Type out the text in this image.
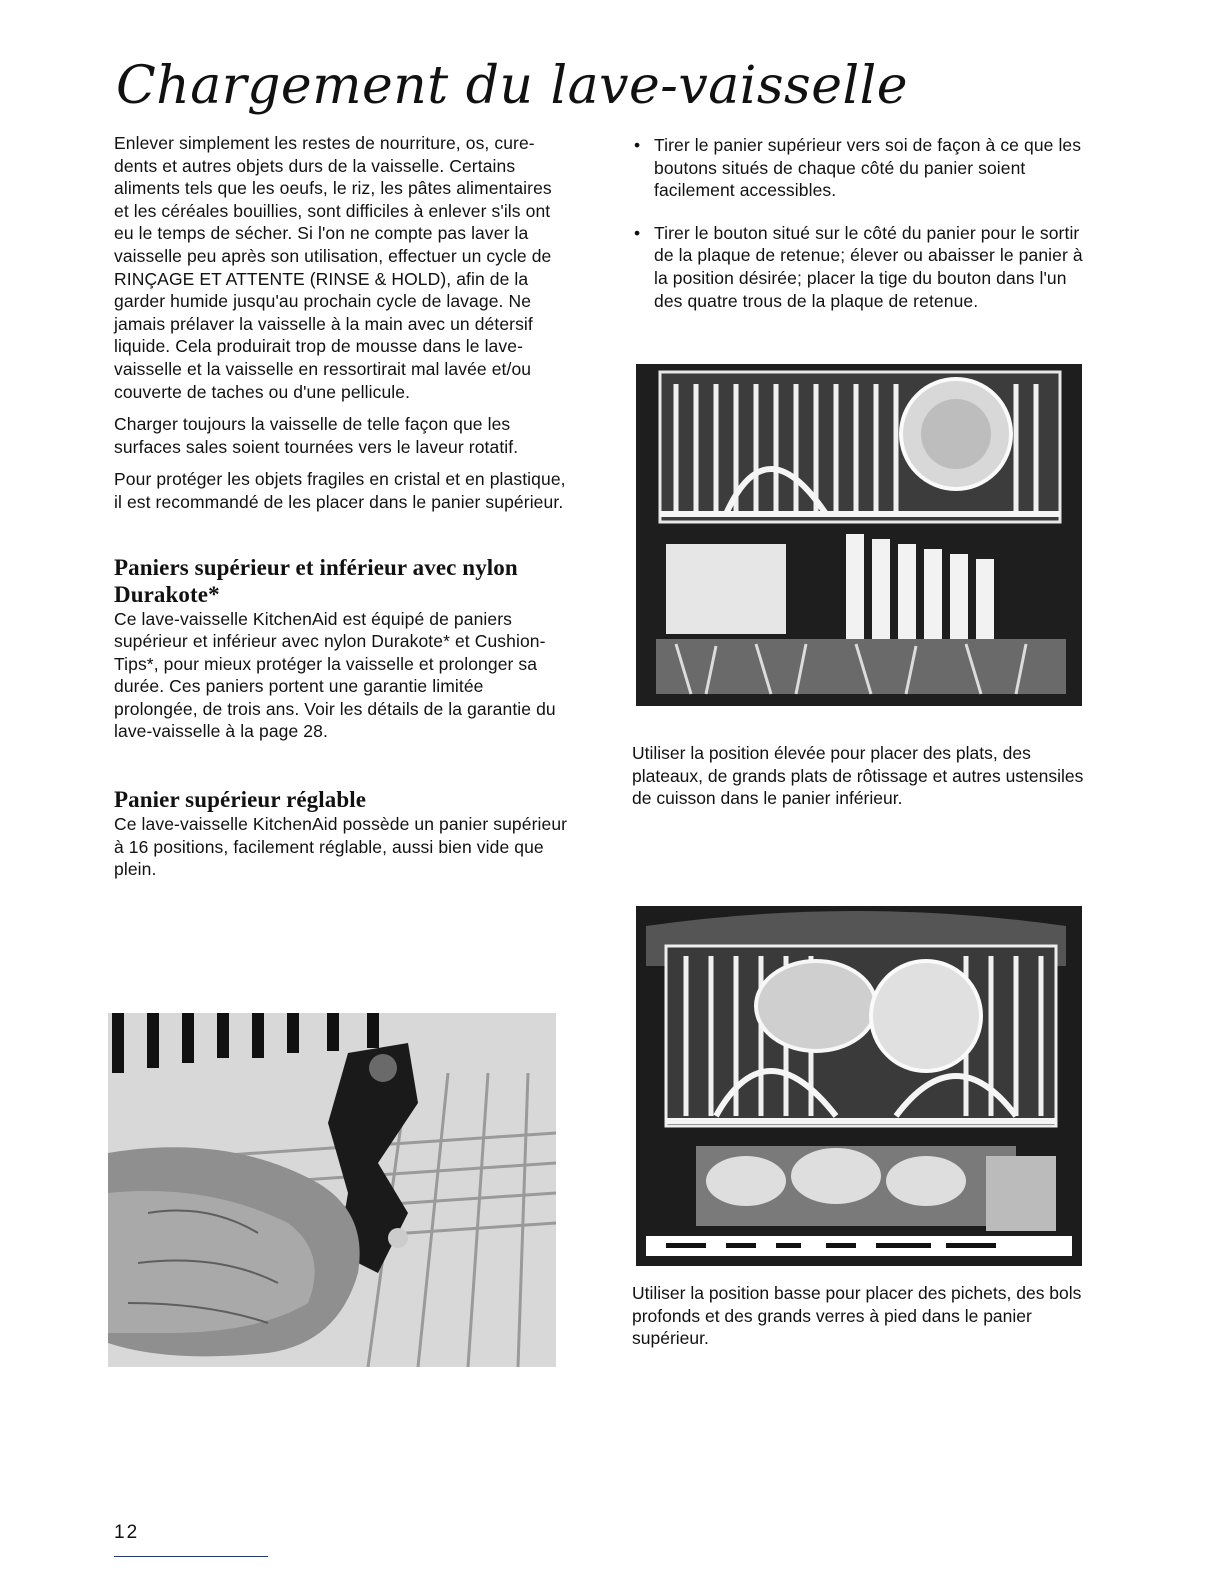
Chargement du lave-vaisselle

Enlever simplement les restes de nourriture, os, cure-dents et autres objets durs de la vaisselle. Certains aliments tels que les oeufs, le riz, les pâtes alimentaires et les céréales bouillies, sont difficiles à enlever s'ils ont eu le temps de sécher. Si l'on ne compte pas laver la vaisselle peu après son utilisation, effectuer un cycle de RINÇAGE ET ATTENTE (RINSE & HOLD), afin de la garder humide jusqu'au prochain cycle de lavage. Ne jamais prélaver la vaisselle à la main avec un détersif liquide. Cela produirait trop de mousse dans le lave-vaisselle et la vaisselle en ressortirait mal lavée et/ou couverte de taches ou d'une pellicule.

Charger toujours la vaisselle de telle façon que les surfaces sales soient tournées vers le laveur rotatif.

Pour protéger les objets fragiles en cristal et en plastique, il est recommandé de les placer dans le panier supérieur.

Paniers supérieur et inférieur avec nylon Durakote*

Ce lave-vaisselle KitchenAid est équipé de paniers supérieur et inférieur avec nylon Durakote* et Cushion-Tips*, pour mieux protéger la vaisselle et prolonger sa durée. Ces paniers portent une garantie limitée prolongée, de trois ans. Voir les détails de la garantie du lave-vaisselle à la page 28.

Panier supérieur réglable

Ce lave-vaisselle KitchenAid possède un panier supérieur à 16 positions, facilement réglable, aussi bien vide que plein.

• Tirer le panier supérieur vers soi de façon à ce que les boutons situés de chaque côté du panier soient facilement accessibles.
• Tirer le bouton situé sur le côté du panier pour le sortir de la plaque de retenue; élever ou abaisser le panier à la position désirée; placer la tige du bouton dans l'un des quatre trous de la plaque de retenue.

Utiliser la position élevée pour placer des plats, des plateaux, de grands plats de rôtissage et autres ustensiles de cuisson dans le panier inférieur.

Utiliser la position basse pour placer des pichets, des bols profonds et des grands verres à pied dans le panier supérieur.

12
